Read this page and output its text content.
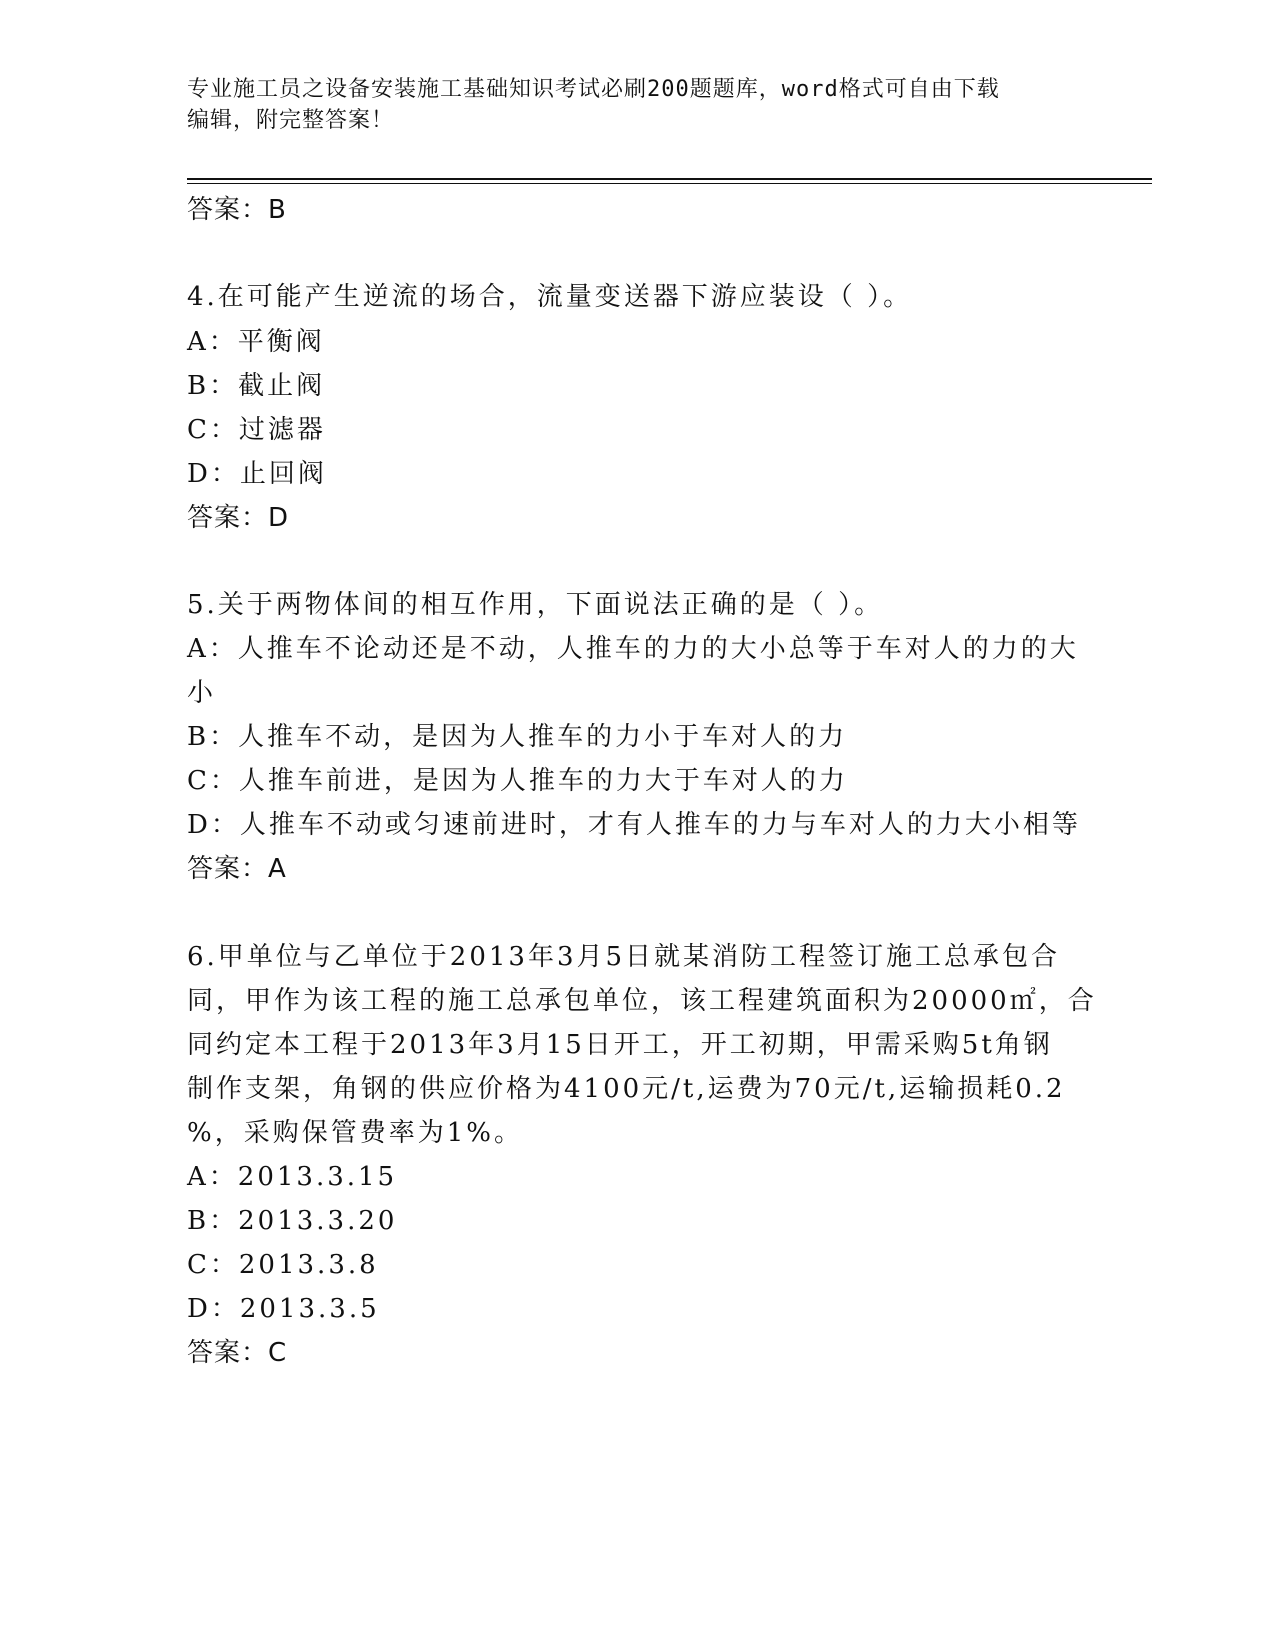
专业施工员之设备安装施工基础知识考试必刷200题题库，word格式可自由下载
编辑，附完整答案！
答案：B
4.在可能产生逆流的场合，流量变送器下游应装设（ ）。
A：平衡阀
B：截止阀
C：过滤器
D：止回阀
答案：D
5.关于两物体间的相互作用，下面说法正确的是（ ）。
A：人推车不论动还是不动，人推车的力的大小总等于车对人的力的大
小
B：人推车不动，是因为人推车的力小于车对人的力
C：人推车前进，是因为人推车的力大于车对人的力
D：人推车不动或匀速前进时，才有人推车的力与车对人的力大小相等
答案：A
6.甲单位与乙单位于2013年3月5日就某消防工程签订施工总承包合
同，甲作为该工程的施工总承包单位，该工程建筑面积为20000㎡，合
同约定本工程于2013年3月15日开工，开工初期，甲需采购5t角钢
制作支架，角钢的供应价格为4100元/t,运费为70元/t,运输损耗0.2
%，采购保管费率为1%。
A：2013.3.15
B：2013.3.20
C：2013.3.8
D：2013.3.5
答案：C
